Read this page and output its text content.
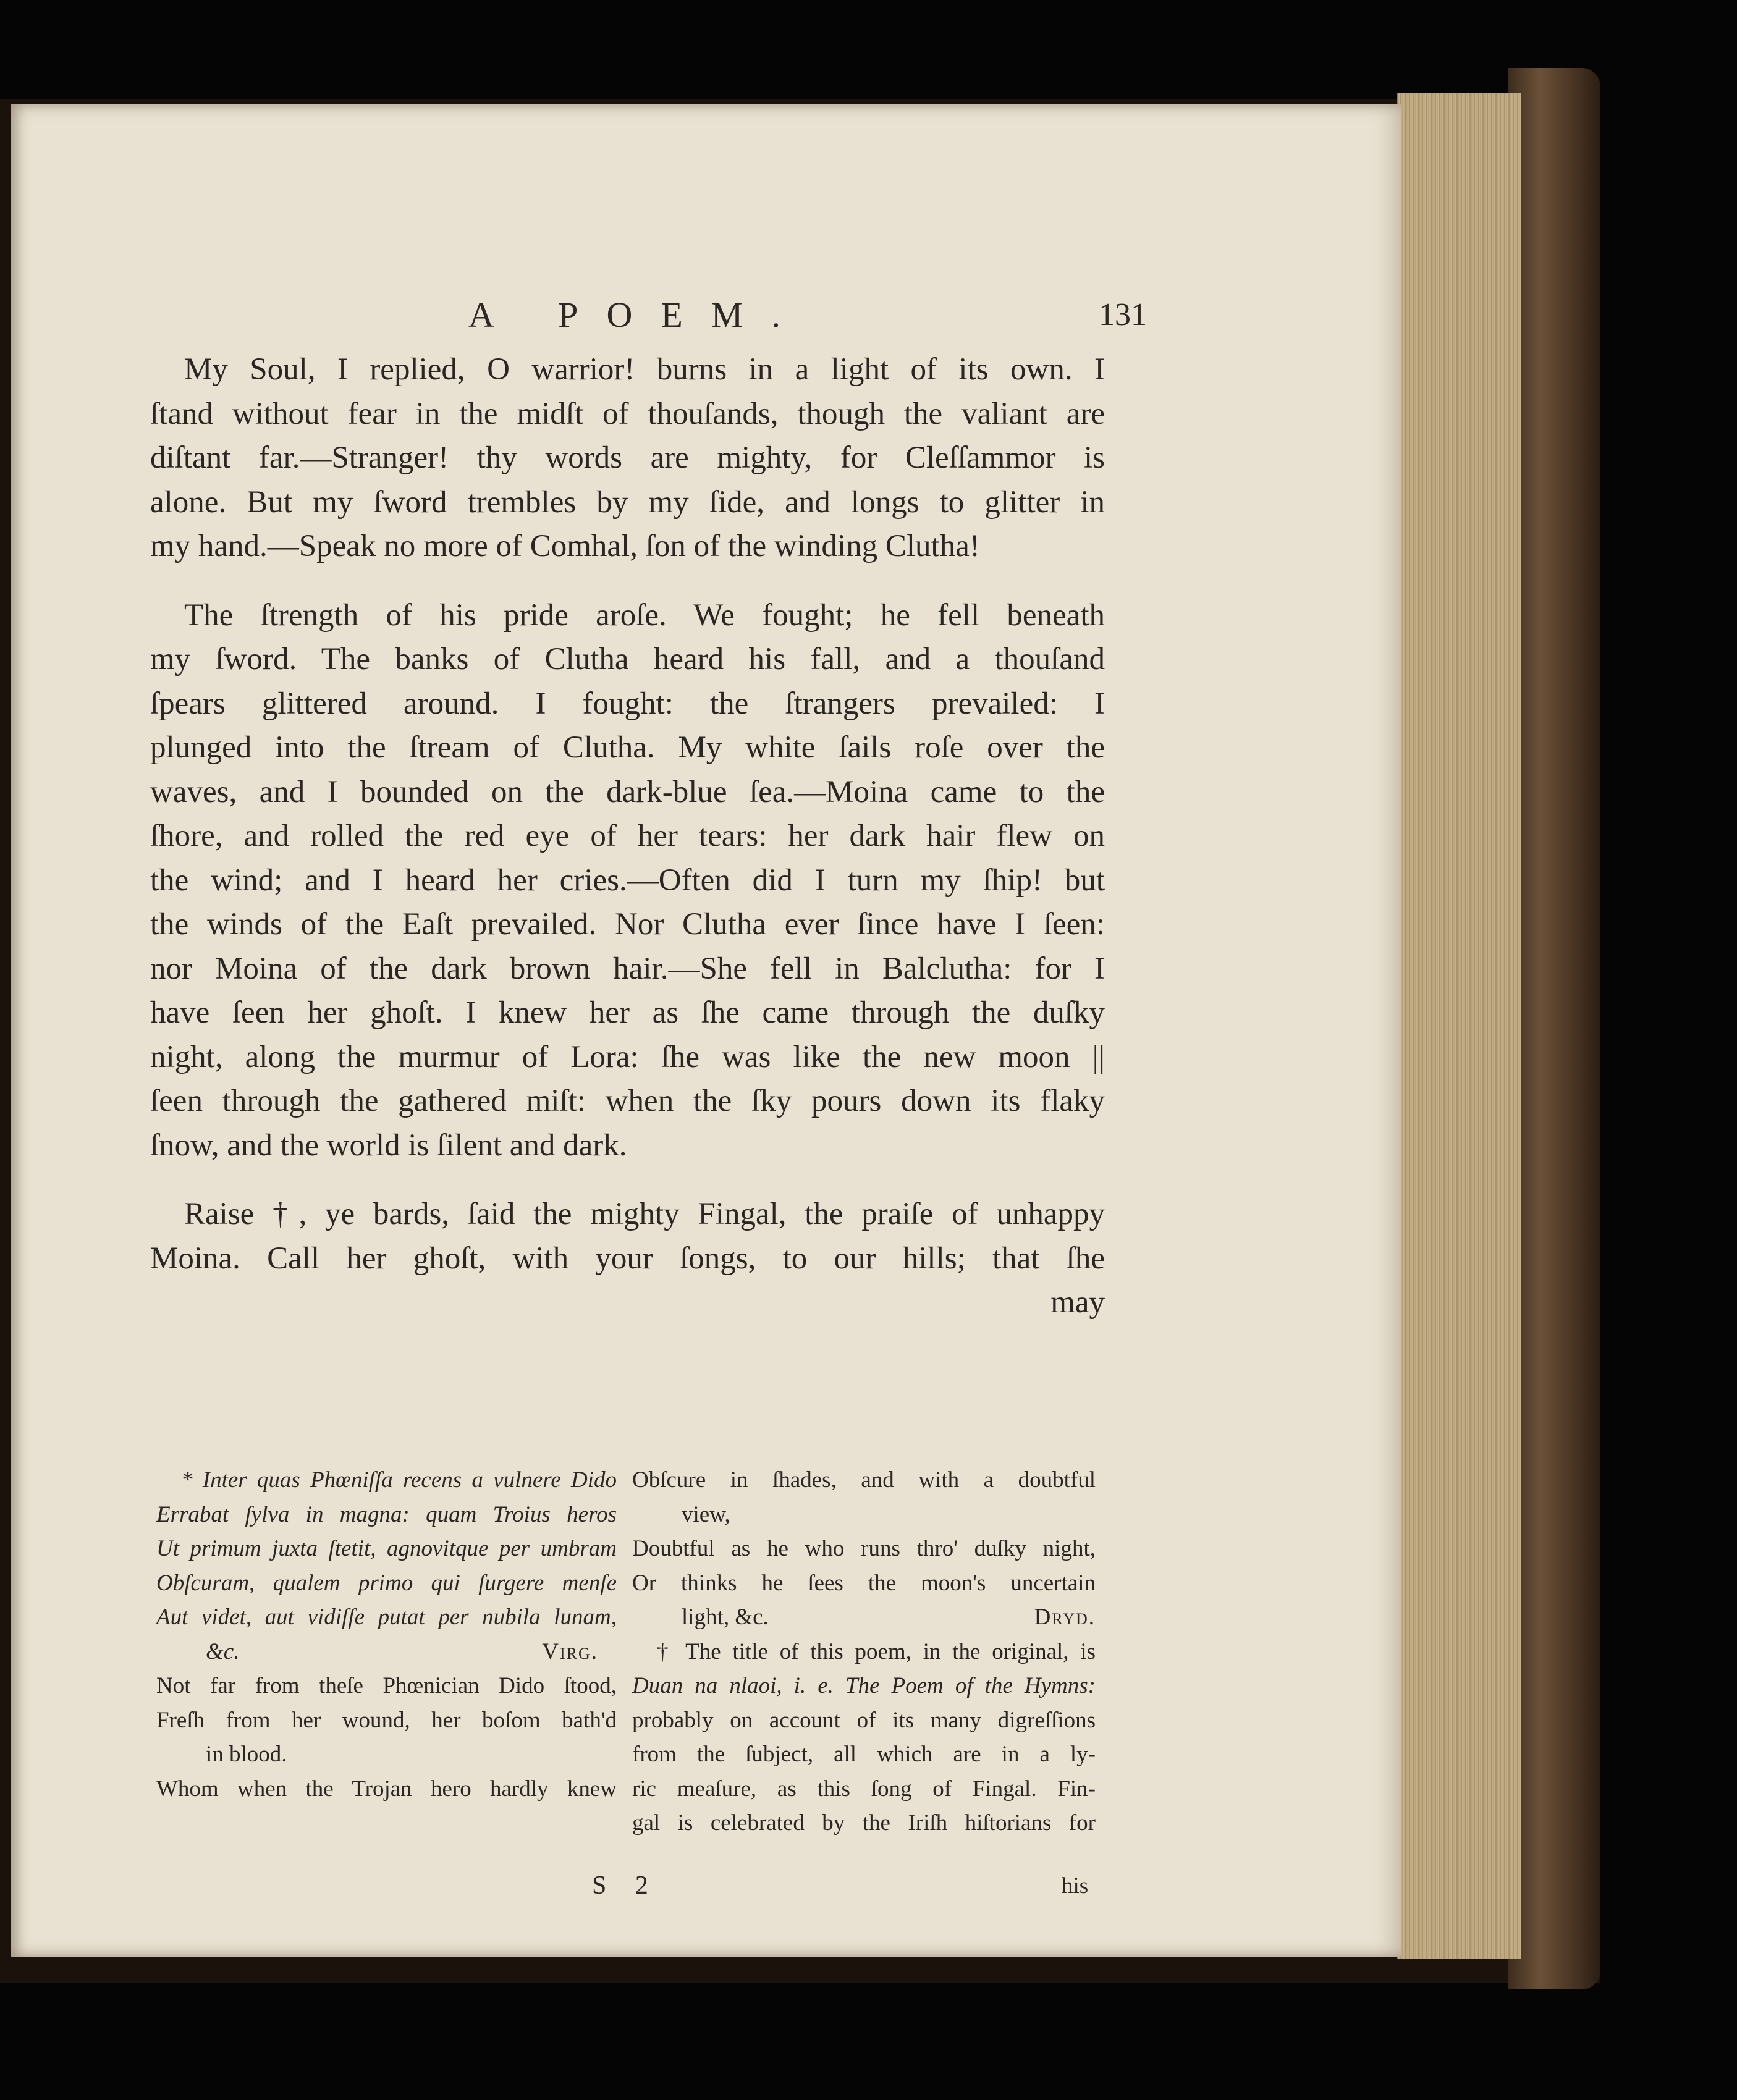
A POEM.	131

My Soul, I replied, O warrior! burns in a light of its own. I
ſtand without fear in the midſt of thouſands, though the valiant are
diſtant far.—Stranger! thy words are mighty, for Cleſſammor is
alone. But my ſword trembles by my ſide, and longs to glitter in
my hand.—Speak no more of Comhal, ſon of the winding Clutha!

The ſtrength of his pride aroſe. We fought; he fell beneath
my ſword. The banks of Clutha heard his fall, and a thouſand
ſpears glittered around. I fought: the ſtrangers prevailed: I
plunged into the ſtream of Clutha. My white ſails roſe over the
waves, and I bounded on the dark-blue ſea.—Moina came to the
ſhore, and rolled the red eye of her tears: her dark hair flew on
the wind; and I heard her cries.—Often did I turn my ſhip! but
the winds of the Eaſt prevailed. Nor Clutha ever ſince have I ſeen:
nor Moina of the dark brown hair.—She fell in Balclutha: for I
have ſeen her ghoſt. I knew her as ſhe came through the duſky
night, along the murmur of Lora: ſhe was like the new moon ||
ſeen through the gathered miſt: when the ſky pours down its flaky
ſnow, and the world is ſilent and dark.

Raise †, ye bards, ſaid the mighty Fingal, the praiſe of unhappy
Moina. Call her ghoſt, with your ſongs, to our hills; that ſhe
may

* Inter quas Phœniſſa recens a vulnere Dido
Errabat ſylva in magna: quam Troius heros
Ut primum juxta ſtetit, agnovitque per umbram
Obſcuram, qualem primo qui ſurgere menſe
Aut videt, aut vidiſſe putat per nubila lunam,
&c.	Virg.
Not far from theſe Phœnician Dido ſtood,
Freſh from her wound, her boſom bath'd
in blood.
Whom when the Trojan hero hardly knew
Obſcure in ſhades, and with a doubtful
view,
Doubtful as he who runs thro' duſky night,
Or thinks he ſees the moon's uncertain
light, &c.	Dryd.
† The title of this poem, in the original, is
Duan na nlaoi, i. e. The Poem of the Hymns:
probably on account of its many digreſſions
from the ſubject, all which are in a ly-
ric meaſure, as this ſong of Fingal. Fin-
gal is celebrated by the Iriſh hiſtorians for
S 2	his
